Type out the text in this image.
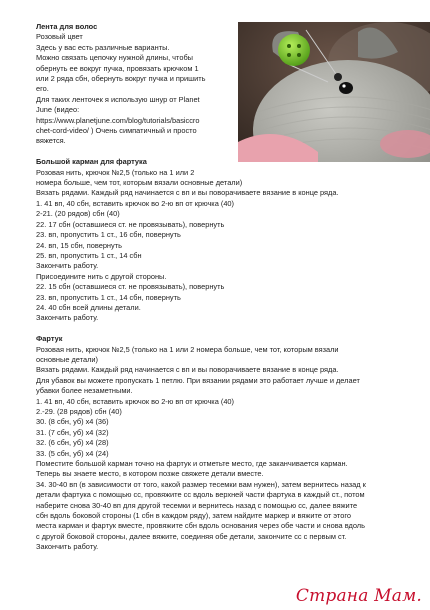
Лента для волос
Розовый цвет
Здесь у вас есть различные варианты.
Можно связать цепочку нужной длины, чтобы
обернуть ее вокруг пучка, провязать крючком 1
или 2 ряда сбн, обернуть вокруг пучка и пришить
его.
Для таких ленточек я использую шнур от Planet
June (видео:
https://www.planetjune.com/blog/tutorials/basiccro
chet-cord-video/ ) Очень симпатичный и просто
вяжется.
Большой карман для фартука
Розовая нить, крючок №2,5 (только на 1 или 2
номера больше, чем тот, которым вязали основные детали)
Вязать рядами. Каждый ряд начинается с вп и вы поворачиваете вязание в конце ряда.
1. 41 вп, 40 сбн, вставить крючок во 2-ю вп от крючка (40)
2-21. (20 рядов) сбн (40)
22. 17 сбн (оставшиеся ст. не провязывать), повернуть
23. вп, пропустить 1 ст., 16 сбн, повернуть
24. вп, 15 сбн, повернуть
25. вп, пропустить 1 ст., 14 сбн
Закончить работу.
Присоедините нить с другой стороны.
22. 15 сбн (оставшиеся ст. не провязывать), повернуть
23. вп, пропустить 1 ст., 14 сбн, повернуть
24. 40 сбн всей длины детали.
Закончить работу.
Фартук
Розовая нить, крючок №2,5 (только на 1 или 2 номера больше, чем тот, которым вязали
основные детали)
Вязать рядами. Каждый ряд начинается с вп и вы поворачиваете вязание в конце ряда.
Для убавок вы можете пропускать 1 петлю. При вязании рядами это работает лучше и делает
убавки более незаметными.
1. 41 вп, 40 сбн, вставить крючок во 2-ю вп от крючка (40)
2.-29. (28 рядов) сбн (40)
30. (8 сбн, уб) х4 (36)
31. (7 сбн, уб) х4 (32)
32. (6 сбн, уб) х4 (28)
33. (5 сбн, уб) х4 (24)
Поместите большой карман точно на фартук и отметьте место, где заканчивается карман.
Теперь вы знаете место, в котором позже свяжете детали вместе.
34. 30-40 вп (в зависимости от того, какой размер тесемки вам нужен), затем вернитесь назад к
детали фартука с помощью сс, провяжите сс вдоль верхней части фартука в каждый ст., потом
наберите снова 30-40 вп для другой тесемки и вернитесь назад с помощью сс, далее вяжите
сбн вдоль боковой стороны (1 сбн в каждом ряду), затем найдите маркер и вяжите от этого
места карман и фартук вместе, провяжите сбн вдоль основания через обе части и снова вдоль
с другой боковой стороны, далее вяжите, соединяя обе детали, закончите сс с первым ст.
Закончить работу.
Страна Мам.
